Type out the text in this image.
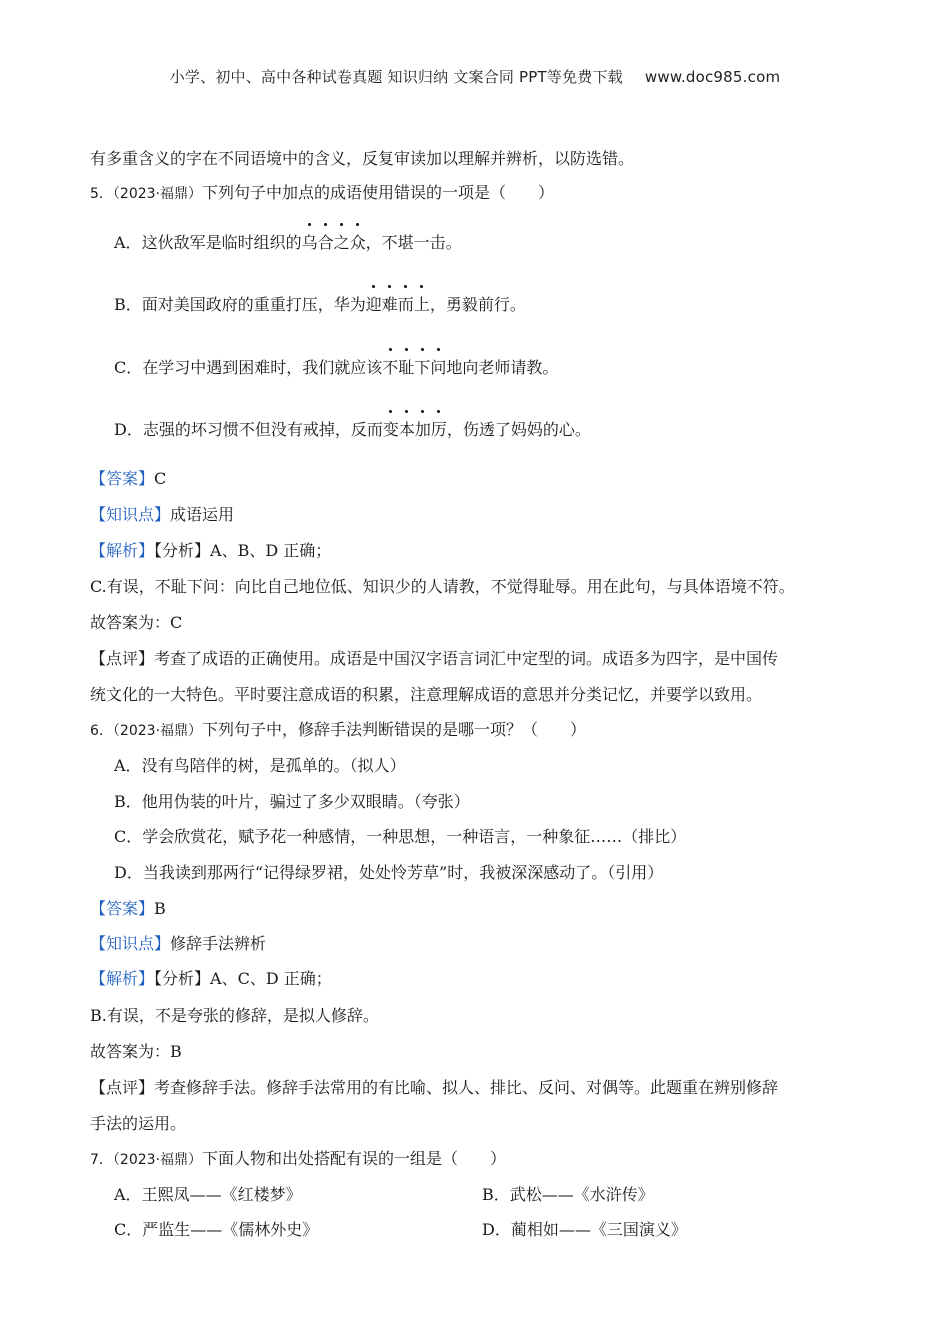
小学、初中、高中各种试卷真题 知识归纳 文案合同 PPT等免费下载 www.doc985.com
有多重含义的字在不同语境中的含义，反复审读加以理解并辨析，以防选错。
5．（2023·福鼎）下列句子中加点的成语使用错误的一项是（　　）
A．这伙敌军是临时组织的乌合之众，不堪一击。
B．面对美国政府的重重打压，华为迎难而上，勇毅前行。
C．在学习中遇到困难时，我们就应该不耻下问地向老师请教。
D．志强的坏习惯不但没有戒掉，反而变本加厉，伤透了妈妈的心。
【答案】C
【知识点】成语运用
【解析】【分析】A、B、D 正确；
C.有误，不耻下问：向比自己地位低、知识少的人请教，不觉得耻辱。用在此句，与具体语境不符。
故答案为：C
【点评】考查了成语的正确使用。成语是中国汉字语言词汇中定型的词。成语多为四字，是中国传
统文化的一大特色。平时要注意成语的积累，注意理解成语的意思并分类记忆，并要学以致用。
6．（2023·福鼎）下列句子中，修辞手法判断错误的是哪一项？（　　）
A．没有鸟陪伴的树，是孤单的。（拟人）
B．他用伪装的叶片，骗过了多少双眼睛。（夸张）
C．学会欣赏花，赋予花一种感情，一种思想，一种语言，一种象征……（排比）
D．当我读到那两行“记得绿罗裙，处处怜芳草”时，我被深深感动了。（引用）
【答案】B
【知识点】修辞手法辨析
【解析】【分析】A、C、D 正确；
B.有误，不是夸张的修辞，是拟人修辞。
故答案为：B
【点评】考查修辞手法。修辞手法常用的有比喻、拟人、排比、反问、对偶等。此题重在辨别修辞
手法的运用。
7．（2023·福鼎）下面人物和出处搭配有误的一组是（　　）
A．王熙凤——《红楼梦》	B．武松——《水浒传》
C．严监生——《儒林外史》	D．蔺相如——《三国演义》
